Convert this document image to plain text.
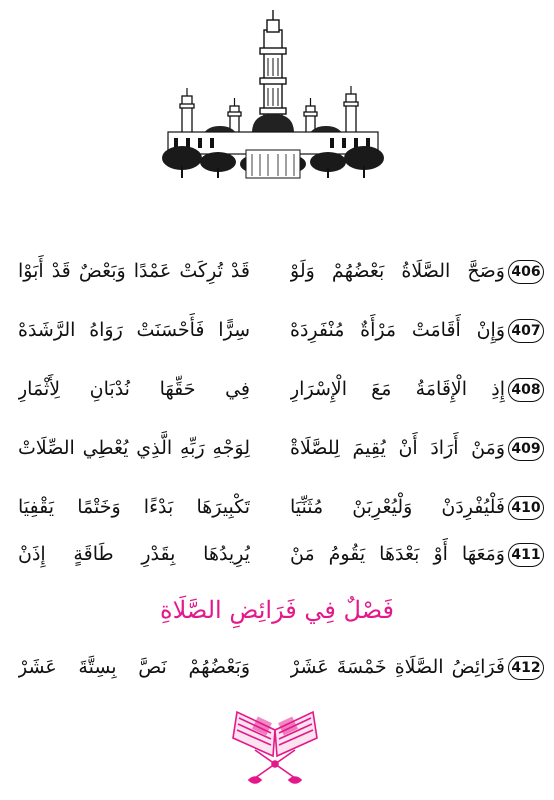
406
وَصَحَّ الصَّلَاةُ بَعْضُهُمْ وَلَوْ
قَدْ تُرِكَتْ عَمْدًا وَبَعْضٌ قَدْ أَبَوْا
407
وَإِنْ أَقَامَتْ مَرْأَةٌ مُنْفَرِدَهْ
سِرًّا فَأَحْسَنَتْ رَوَاهُ الرَّشَدَهْ
408
إِذِ الْإِقَامَةُ مَعَ الْإِسْرَارِ
فِي حَقِّهَا نُدْبَانِ لِأَثْمَارِ
409
وَمَنْ أَرَادَ أَنْ يُقِيمَ لِلصَّلَاةْ
لِوَجْهِ رَبِّهِ الَّذِي يُعْطِي الصِّلَاتْ
410
فَلْيُفْرِدَنْ وَلْيُعْرِبَنْ مُثَنِّيَا
تَكْبِيرَهَا بَدْءًا وَخَتْمًا يَقْفِيَا
411
وَمَعَهَا أَوْ بَعْدَهَا يَقُومُ مَنْ
يُرِيدُهَا بِقَدْرِ طَاقَةٍ إِذَنْ
فَصْلٌ فِي فَرَائِضِ الصَّلَاةِ
412
فَرَائِضُ الصَّلَاةِ خَمْسَةَ عَشَرْ
وَبَعْضُهُمْ نَصَّ بِسِتَّةَ عَشَرْ
